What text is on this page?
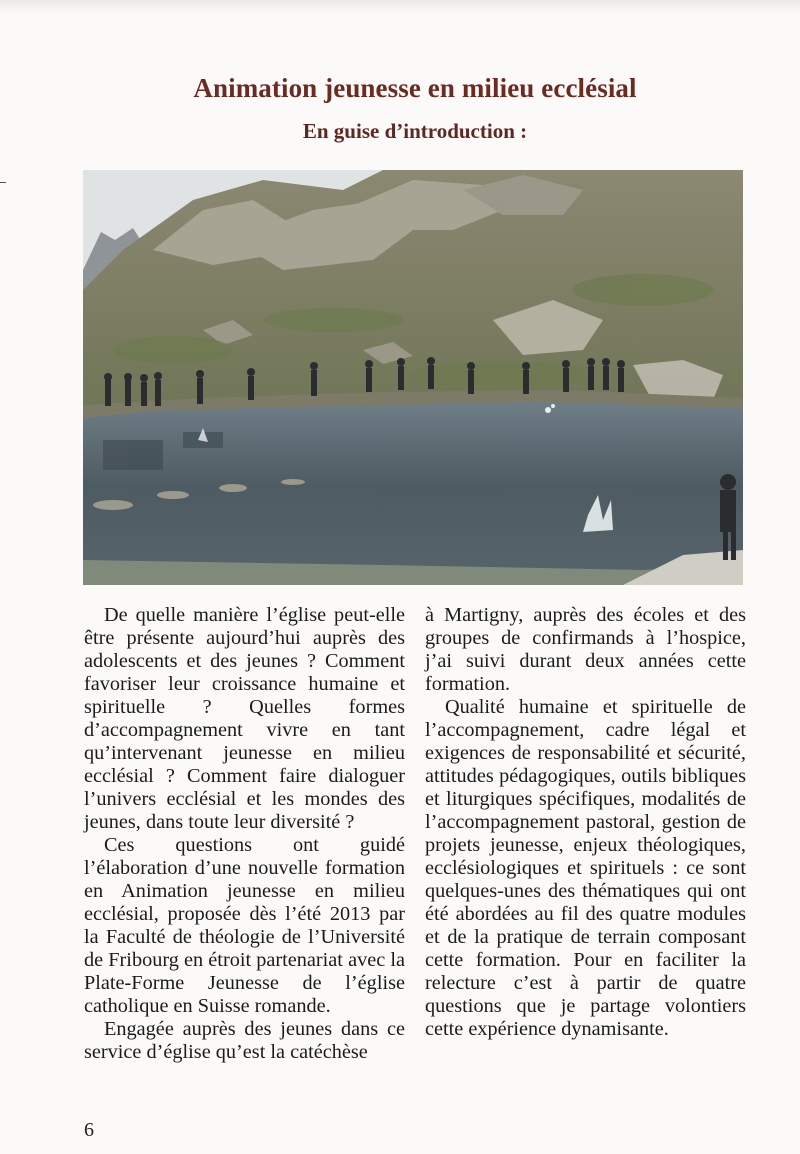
Animation jeunesse en milieu ecclésial
En guise d’introduction :

De quelle manière l’église peut-elle être présente aujourd’hui auprès des adolescents et des jeunes ? Comment favoriser leur croissance humaine et spirituelle ? Quelles formes d’accompagnement vivre en tant qu’intervenant jeunesse en milieu ecclésial ? Comment faire dialoguer l’univers ecclésial et les mondes des jeunes, dans toute leur diversité ?

Ces questions ont guidé l’élaboration d’une nouvelle formation en Animation jeunesse en milieu ecclésial, proposée dès l’été 2013 par la Faculté de théologie de l’Université de Fribourg en étroit partenariat avec la Plate-Forme Jeunesse de l’église catholique en Suisse romande.

Engagée auprès des jeunes dans ce service d’église qu’est la catéchèse

à Martigny, auprès des écoles et des groupes de confirmands à l’hospice, j’ai suivi durant deux années cette formation.

Qualité humaine et spirituelle de l’accompagnement, cadre légal et exigences de responsabilité et sécurité, attitudes pédagogiques, outils bibliques et liturgiques spécifiques, modalités de l’accompagnement pastoral, gestion de projets jeunesse, enjeux théologiques, ecclésiologiques et spirituels : ce sont quelques-unes des thématiques qui ont été abordées au fil des quatre modules et de la pratique de terrain composant cette formation. Pour en faciliter la relecture c’est à partir de quatre questions que je partage volontiers cette expérience dynamisante.

6
